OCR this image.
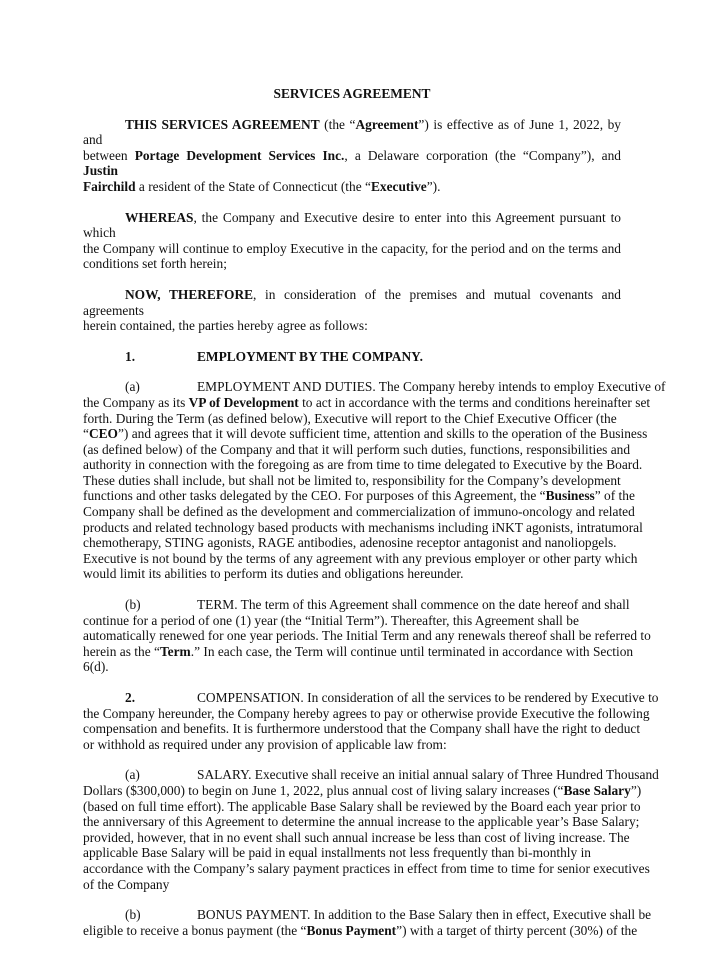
SERVICES AGREEMENT
THIS SERVICES AGREEMENT (the “Agreement”) is effective as of June 1, 2022, by and
between Portage Development Services Inc., a Delaware corporation (the “Company”), and Justin
Fairchild a resident of the State of Connecticut (the “Executive”).
WHEREAS, the Company and Executive desire to enter into this Agreement pursuant to which
the Company will continue to employ Executive in the capacity, for the period and on the terms and
conditions set forth herein;
NOW, THEREFORE, in consideration of the premises and mutual covenants and agreements
herein contained, the parties hereby agree as follows:
1.	EMPLOYMENT BY THE COMPANY.
(a)	EMPLOYMENT AND DUTIES. The Company hereby intends to employ Executive of
the Company as its VP of Development to act in accordance with the terms and conditions hereinafter set
forth. During the Term (as defined below), Executive will report to the Chief Executive Officer (the
“CEO”) and agrees that it will devote sufficient time, attention and skills to the operation of the Business
(as defined below) of the Company and that it will perform such duties, functions, responsibilities and
authority in connection with the foregoing as are from time to time delegated to Executive by the Board.
These duties shall include, but shall not be limited to, responsibility for the Company’s development
functions and other tasks delegated by the CEO. For purposes of this Agreement, the “Business” of the
Company shall be defined as the development and commercialization of immuno-oncology and related
products and related technology based products with mechanisms including iNKT agonists, intratumoral
chemotherapy, STING agonists, RAGE antibodies, adenosine receptor antagonist and nanoliopgels.
Executive is not bound by the terms of any agreement with any previous employer or other party which
would limit its abilities to perform its duties and obligations hereunder.
(b)	TERM. The term of this Agreement shall commence on the date hereof and shall
continue for a period of one (1) year (the “Initial Term”). Thereafter, this Agreement shall be
automatically renewed for one year periods. The Initial Term and any renewals thereof shall be referred to
herein as the “Term.” In each case, the Term will continue until terminated in accordance with Section
6(d).
2.	COMPENSATION. In consideration of all the services to be rendered by Executive to
the Company hereunder, the Company hereby agrees to pay or otherwise provide Executive the following
compensation and benefits. It is furthermore understood that the Company shall have the right to deduct
or withhold as required under any provision of applicable law from:
(a)	SALARY. Executive shall receive an initial annual salary of Three Hundred Thousand
Dollars ($300,000) to begin on June 1, 2022, plus annual cost of living salary increases (“Base Salary”)
(based on full time effort). The applicable Base Salary shall be reviewed by the Board each year prior to
the anniversary of this Agreement to determine the annual increase to the applicable year’s Base Salary;
provided, however, that in no event shall such annual increase be less than cost of living increase. The
applicable Base Salary will be paid in equal installments not less frequently than bi-monthly in
accordance with the Company’s salary payment practices in effect from time to time for senior executives
of the Company
(b)	BONUS PAYMENT. In addition to the Base Salary then in effect, Executive shall be
eligible to receive a bonus payment (the “Bonus Payment”) with a target of thirty percent (30%) of the
